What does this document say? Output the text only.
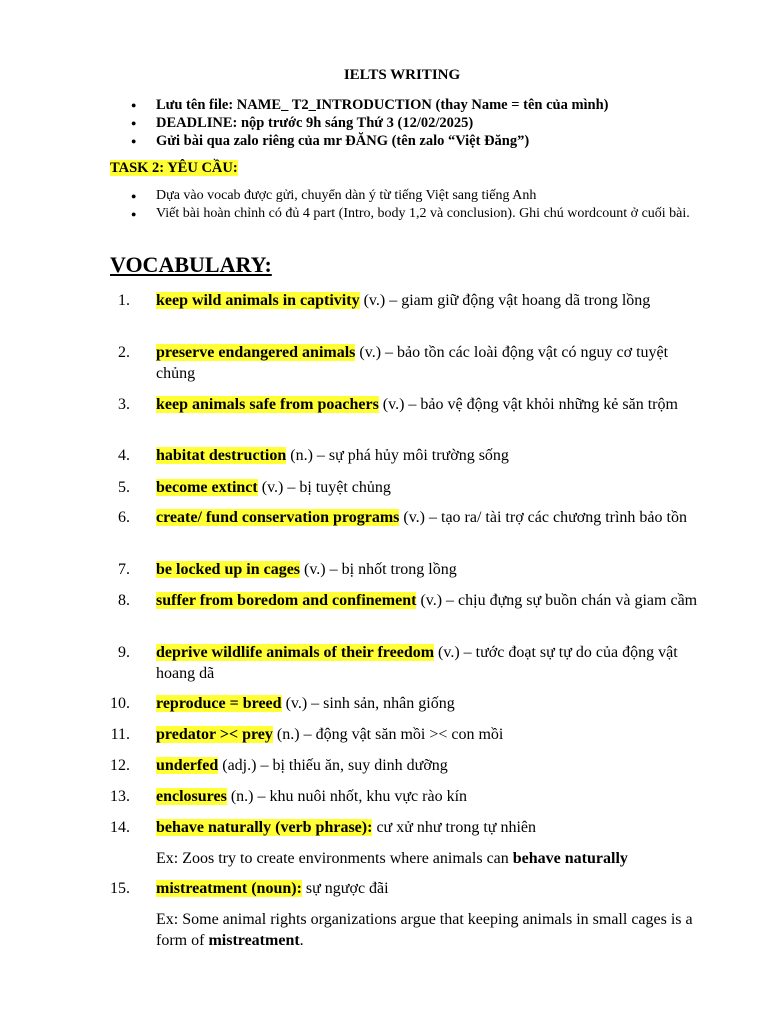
IELTS WRITING
● Lưu tên file: NAME_ T2_INTRODUCTION (thay Name = tên của mình)
● DEADLINE: nộp trước 9h sáng Thứ 3 (12/02/2025)
● Gửi bài qua zalo riêng của mr ĐĂNG (tên zalo “Việt Đăng”)
TASK 2: YÊU CẦU:
● Dựa vào vocab được gửi, chuyển dàn ý từ tiếng Việt sang tiếng Anh
● Viết bài hoàn chỉnh có đủ 4 part (Intro, body 1,2 và conclusion). Ghi chú wordcount ở cuối bài.
VOCABULARY:
1.	keep wild animals in captivity (v.) – giam giữ động vật hoang dã trong lồng
2.	preserve endangered animals (v.) – bảo tồn các loài động vật có nguy cơ tuyệt chủng
3.	keep animals safe from poachers (v.) – bảo vệ động vật khỏi những kẻ săn trộm
4.	habitat destruction (n.) – sự phá hủy môi trường sống
5.	become extinct (v.) – bị tuyệt chủng
6.	create/ fund conservation programs (v.) – tạo ra/ tài trợ các chương trình bảo tồn
7.	be locked up in cages (v.) – bị nhốt trong lồng
8.	suffer from boredom and confinement (v.) – chịu đựng sự buồn chán và giam cầm
9.	deprive wildlife animals of their freedom (v.) – tước đoạt sự tự do của động vật hoang dã
10.	reproduce = breed (v.) – sinh sản, nhân giống
11.	predator >< prey (n.) – động vật săn mồi >< con mồi
12.	underfed (adj.) – bị thiếu ăn, suy dinh dưỡng
13.	enclosures (n.) – khu nuôi nhốt, khu vực rào kín
14.	behave naturally (verb phrase): cư xử như trong tự nhiên
Ex: Zoos try to create environments where animals can behave naturally
15.	mistreatment (noun): sự ngược đãi
Ex: Some animal rights organizations argue that keeping animals in small cages is a form of mistreatment.
